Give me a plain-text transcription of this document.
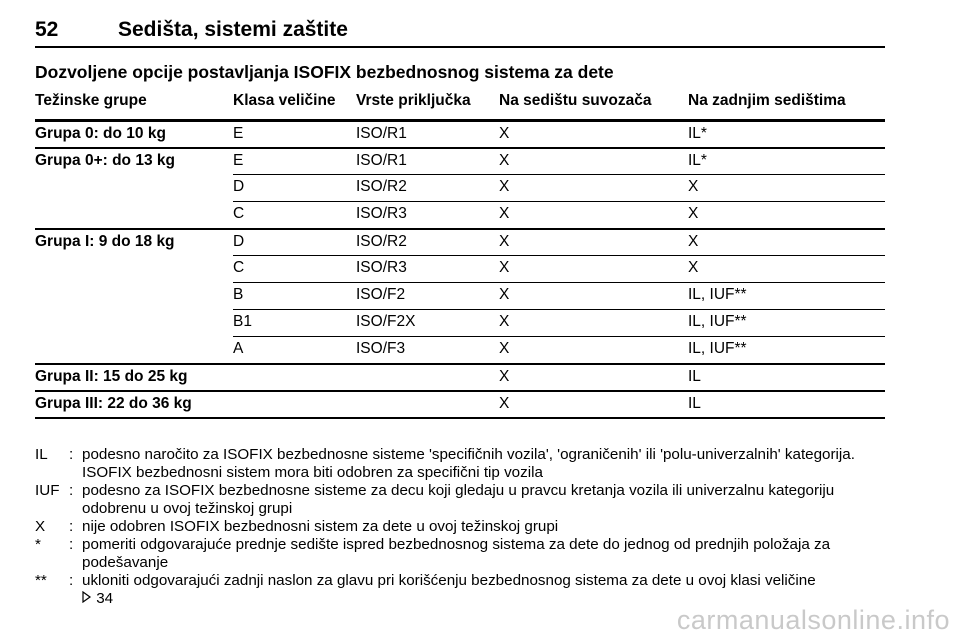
52	Sedišta, sistemi zaštite
Dozvoljene opcije postavljanja ISOFIX bezbednosnog sistema za dete
Težinske grupe	Klasa veličine	Vrste priključka	Na sedištu suvozača	Na zadnjim sedištima
Grupa 0: do 10 kg	E	ISO/R1	X	IL*
Grupa 0+: do 13 kg	E	ISO/R1	X	IL*
	D	ISO/R2	X	X
	C	ISO/R3	X	X
Grupa I: 9 do 18 kg	D	ISO/R2	X	X
	C	ISO/R3	X	X
	B	ISO/F2	X	IL, IUF**
	B1	ISO/F2X	X	IL, IUF**
	A	ISO/F3	X	IL, IUF**
Grupa II: 15 do 25 kg			X	IL
Grupa III: 22 do 36 kg			X	IL
IL : podesno naročito za ISOFIX bezbednosne sisteme 'specifičnih vozila', 'ograničenih' ili 'polu-univerzalnih' kategorija. ISOFIX bezbednosni sistem mora biti odobren za specifični tip vozila
IUF : podesno za ISOFIX bezbednosne sisteme za decu koji gledaju u pravcu kretanja vozila ili univerzalnu kategoriju odobrenu u ovoj težinskoj grupi
X : nije odobren ISOFIX bezbednosni sistem za dete u ovoj težinskoj grupi
* : pomeriti odgovarajuće prednje sedište ispred bezbednosnog sistema za dete do jednog od prednjih položaja za podešavanje
** : ukloniti odgovarajući zadnji naslon za glavu pri korišćenju bezbednosnog sistema za dete u ovoj klasi veličine
34
carmanualsonline.info
